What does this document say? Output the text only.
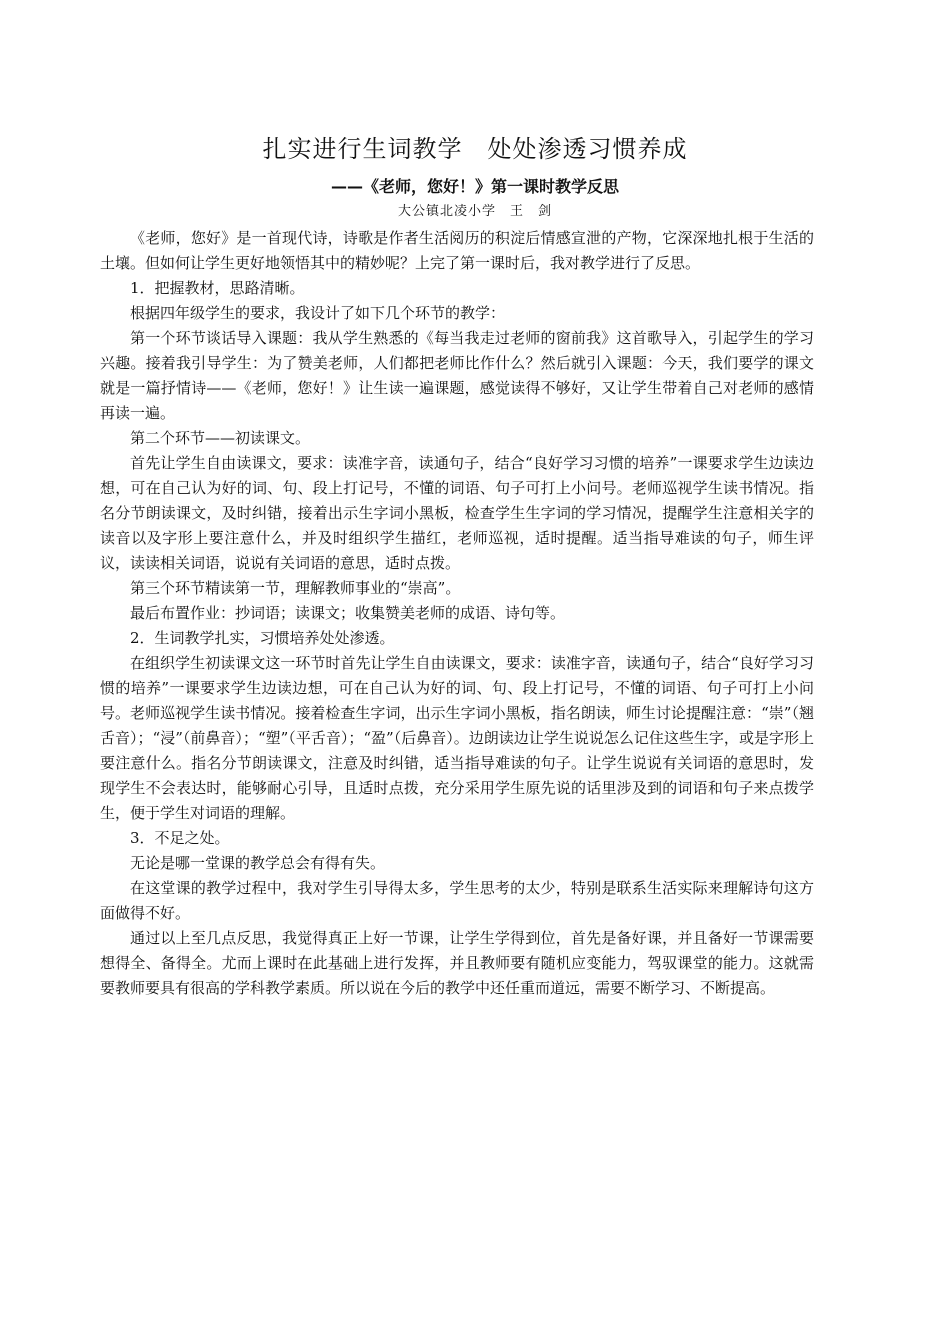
扎实进行生词教学　处处渗透习惯养成
——《老师，您好！》第一课时教学反思
大公镇北凌小学　王　剑

《老师，您好》是一首现代诗，诗歌是作者生活阅历的积淀后情感宣泄的产物，它深深地扎根于生活的土壤。但如何让学生更好地领悟其中的精妙呢？上完了第一课时后，我对教学进行了反思。

1．把握教材，思路清晰。

根据四年级学生的要求，我设计了如下几个环节的教学：

第一个环节谈话导入课题：我从学生熟悉的《每当我走过老师的窗前我》这首歌导入，引起学生的学习兴趣。接着我引导学生：为了赞美老师，人们都把老师比作什么？然后就引入课题：今天，我们要学的课文就是一篇抒情诗——《老师，您好！》让生读一遍课题，感觉读得不够好，又让学生带着自己对老师的感情再读一遍。

第二个环节——初读课文。

首先让学生自由读课文，要求：读准字音，读通句子，结合“良好学习习惯的培养”一课要求学生边读边想，可在自己认为好的词、句、段上打记号，不懂的词语、句子可打上小问号。老师巡视学生读书情况。指名分节朗读课文，及时纠错，接着出示生字词小黑板，检查学生生字词的学习情况，提醒学生注意相关字的读音以及字形上要注意什么，并及时组织学生描红，老师巡视，适时提醒。适当指导难读的句子，师生评议，读读相关词语，说说有关词语的意思，适时点拨。

第三个环节精读第一节，理解教师事业的“崇高”。

最后布置作业：抄词语；读课文；收集赞美老师的成语、诗句等。

2．生词教学扎实，习惯培养处处渗透。

在组织学生初读课文这一环节时首先让学生自由读课文，要求：读准字音，读通句子，结合“良好学习习惯的培养”一课要求学生边读边想，可在自己认为好的词、句、段上打记号，不懂的词语、句子可打上小问号。老师巡视学生读书情况。接着检查生字词，出示生字词小黑板，指名朗读，师生讨论提醒注意：“崇”（翘舌音）；“浸”（前鼻音）；“塑”（平舌音）；“盈”（后鼻音）。边朗读边让学生说说怎么记住这些生字，或是字形上要注意什么。指名分节朗读课文，注意及时纠错，适当指导难读的句子。让学生说说有关词语的意思时，发现学生不会表达时，能够耐心引导，且适时点拨，充分采用学生原先说的话里涉及到的词语和句子来点拨学生，便于学生对词语的理解。

3．不足之处。

无论是哪一堂课的教学总会有得有失。

在这堂课的教学过程中，我对学生引导得太多，学生思考的太少，特别是联系生活实际来理解诗句这方面做得不好。

通过以上至几点反思，我觉得真正上好一节课，让学生学得到位，首先是备好课，并且备好一节课需要想得全、备得全。尤而上课时在此基础上进行发挥，并且教师要有随机应变能力，驾驭课堂的能力。这就需要教师要具有很高的学科教学素质。所以说在今后的教学中还任重而道远，需要不断学习、不断提高。
